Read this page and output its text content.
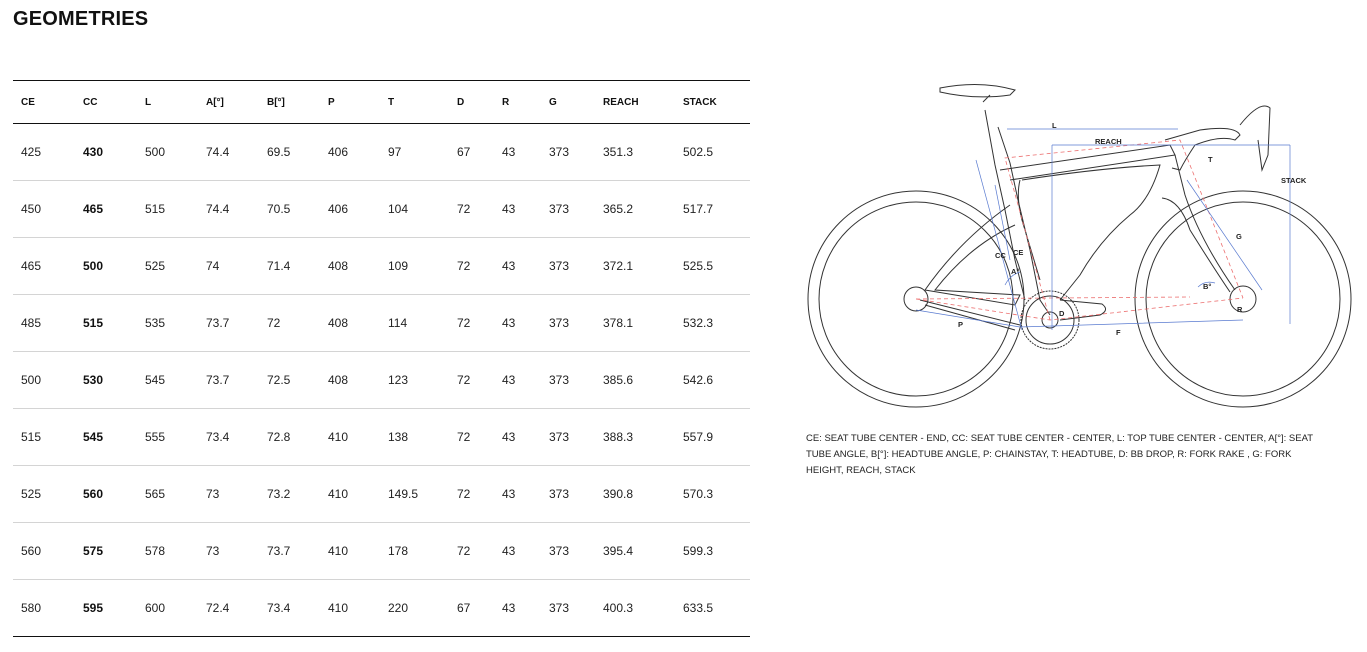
GEOMETRIES
CE	CC	L	A[°]	B[°]	P	T	D	R	G	REACH	STACK
425	430	500	74.4	69.5	406	97	67	43	373	351.3	502.5
450	465	515	74.4	70.5	406	104	72	43	373	365.2	517.7
465	500	525	74	71.4	408	109	72	43	373	372.1	525.5
485	515	535	73.7	72	408	114	72	43	373	378.1	532.3
500	530	545	73.7	72.5	408	123	72	43	373	385.6	542.6
515	545	555	73.4	72.8	410	138	72	43	373	388.3	557.9
525	560	565	73	73.2	410	149.5	72	43	373	390.8	570.3
560	575	578	73	73.7	410	178	72	43	373	395.4	599.3
580	595	600	72.4	73.4	410	220	67	43	373	400.3	633.5
L
REACH
STACK
T
G
CC CE
A°
B°
D
P
F
R
CE: SEAT TUBE CENTER - END, CC: SEAT TUBE CENTER - CENTER, L: TOP TUBE CENTER - CENTER, A[°]: SEAT TUBE ANGLE, B[°]: HEADTUBE ANGLE, P: CHAINSTAY, T: HEADTUBE, D: BB DROP, R: FORK RAKE , G: FORK HEIGHT, REACH, STACK
